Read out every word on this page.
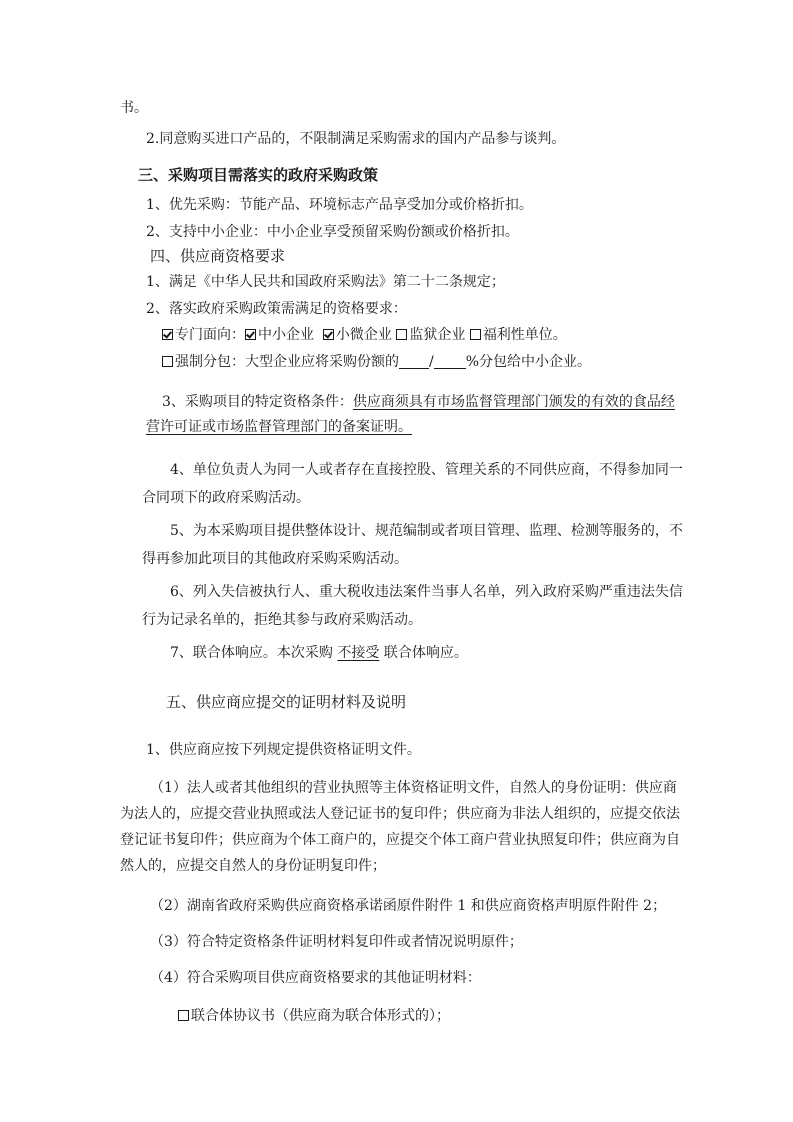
书。
2.同意购买进口产品的，不限制满足采购需求的国内产品参与谈判。
三、采购项目需落实的政府采购政策
1、优先采购：节能产品、环境标志产品享受加分或价格折扣。
2、支持中小企业：中小企业享受预留采购份额或价格折扣。
四、供应商资格要求
1、满足《中华人民共和国政府采购法》第二十二条规定；
2、落实政府采购政策需满足的资格要求：
专门面向： 中小企业 小微企业 监狱企业 福利性单位。
强制分包：大型企业应将采购份额的 / %分包给中小企业。
3、采购项目的特定资格条件：供应商须具有市场监督管理部门颁发的有效的食品经
营许可证或市场监督管理部门的备案证明。
4、单位负责人为同一人或者存在直接控股、管理关系的不同供应商，不得参加同一
合同项下的政府采购活动。
5、为本采购项目提供整体设计、规范编制或者项目管理、监理、检测等服务的，不
得再参加此项目的其他政府采购采购活动。
6、列入失信被执行人、重大税收违法案件当事人名单，列入政府采购严重违法失信
行为记录名单的，拒绝其参与政府采购活动。
7、联合体响应。本次采购 不接受 联合体响应。
五、供应商应提交的证明材料及说明
1、供应商应按下列规定提供资格证明文件。
（1）法人或者其他组织的营业执照等主体资格证明文件，自然人的身份证明：供应商
为法人的，应提交营业执照或法人登记证书的复印件；供应商为非法人组织的，应提交依法
登记证书复印件；供应商为个体工商户的，应提交个体工商户营业执照复印件；供应商为自
然人的，应提交自然人的身份证明复印件；
（2）湖南省政府采购供应商资格承诺函原件附件 1 和供应商资格声明原件附件 2；
（3）符合特定资格条件证明材料复印件或者情况说明原件；
（4）符合采购项目供应商资格要求的其他证明材料：
联合体协议书（供应商为联合体形式的）；
